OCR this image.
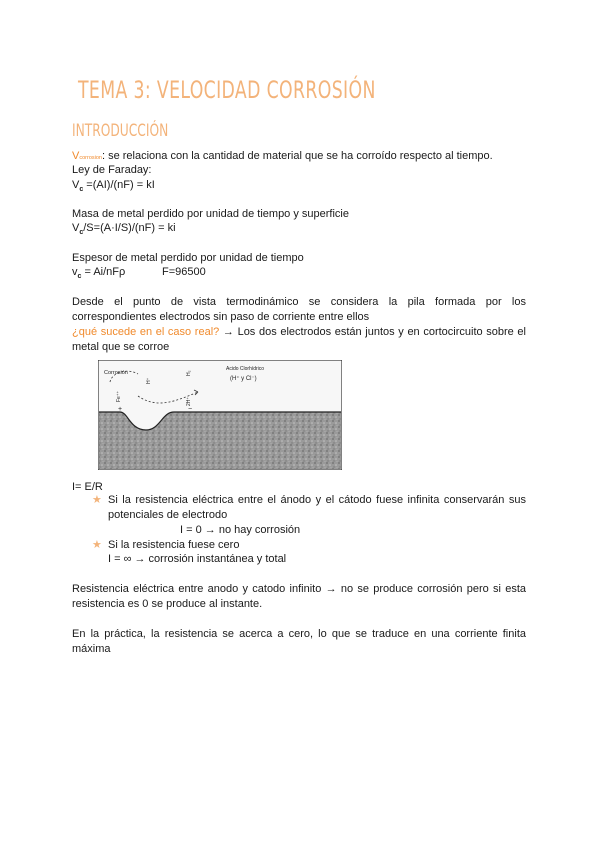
TEMA 3: VELOCIDAD CORROSIÓN
INTRODUCCIÓN
Vcorrosion: se relaciona con la cantidad de material que se ha corroído respecto al tiempo.
Ley de Faraday:
$V_c =(AI)/(nF)$ = kI
Masa de metal perdido por unidad de tiempo y superficie
$V_c/S=(A\cdot I/S)/(nF)$ = ki
Espesor de metal perdido por unidad de tiempo
$v_c = Ai/nF\rho$	F=96500
Desde el punto de vista termodinámico se considera la pila formada por los correspondientes electrodos sin paso de corriente entre ellos
¿qué sucede en el caso real? → Los dos electrodos están juntos y en cortocircuito sobre el metal que se corroe
Corrosión
Acido Clorhídrico
(H⁺ y Cl⁻)
Fe⁺⁺
H⁺
H₂
2H⁺
+	−
I= E/R
★ Si la resistencia eléctrica entre el ánodo y el cátodo fuese infinita conservarán sus potenciales de electrodo
I = 0 → no hay corrosión
★ Si la resistencia fuese cero
I = ∞ → corrosión instantánea y total
Resistencia eléctrica entre anodo y catodo infinito → no se produce corrosión pero si esta resistencia es 0 se produce al instante.
En la práctica, la resistencia se acerca a cero, lo que se traduce en una corriente finita máxima
